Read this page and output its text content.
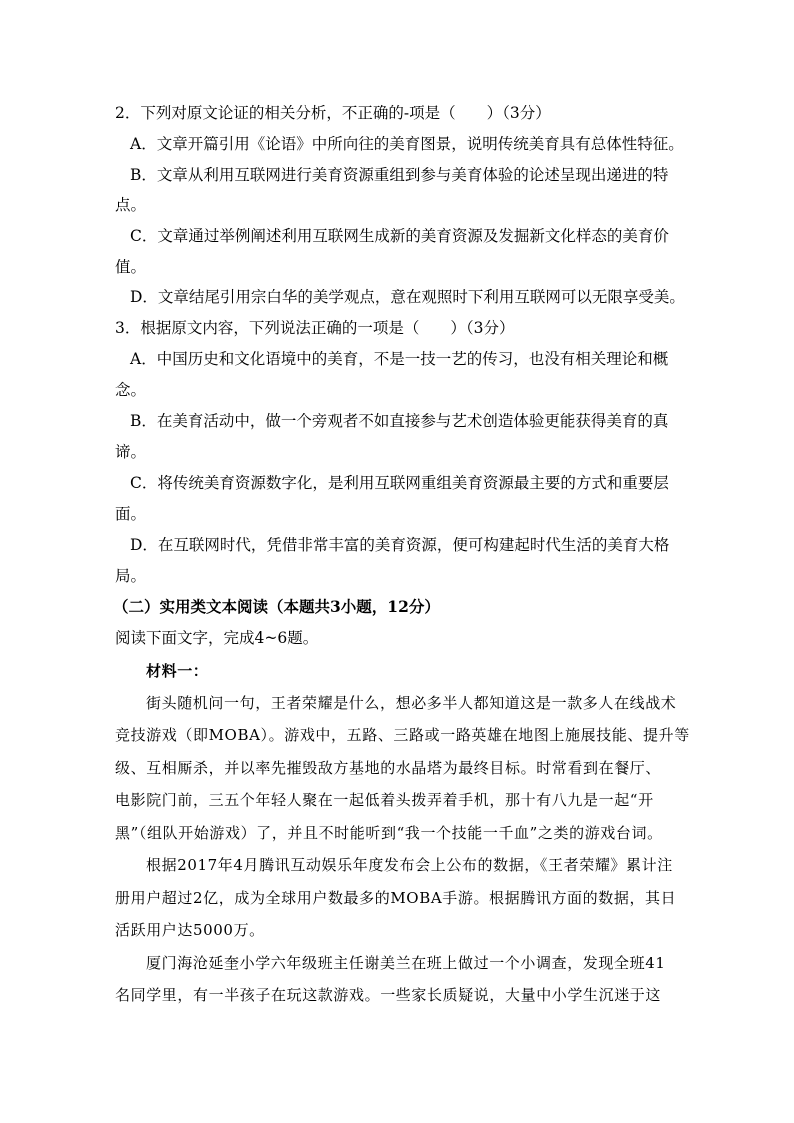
2．下列对原文论证的相关分析，不正确的-项是（　　）（3分）
A．文章开篇引用《论语》中所向往的美育图景，说明传统美育具有总体性特征。
B．文章从利用互联网进行美育资源重组到参与美育体验的论述呈现出递进的特
点。
C．文章通过举例阐述利用互联网生成新的美育资源及发掘新文化样态的美育价
值。
D．文章结尾引用宗白华的美学观点，意在观照时下利用互联网可以无限享受美。
3．根据原文内容，下列说法正确的一项是（　　）（3分）
A．中国历史和文化语境中的美育，不是一技一艺的传习，也没有相关理论和概
念。
B．在美育活动中，做一个旁观者不如直接参与艺术创造体验更能获得美育的真
谛。
C．将传统美育资源数字化，是利用互联网重组美育资源最主要的方式和重要层
面。
D．在互联网时代，凭借非常丰富的美育资源，便可构建起时代生活的美育大格
局。
（二）实用类文本阅读（本题共3小题，12分）
阅读下面文字，完成4~6题。
材料一：
街头随机问一句，王者荣耀是什么，想必多半人都知道这是一款多人在线战术
竞技游戏（即MOBA）。游戏中，五路、三路或一路英雄在地图上施展技能、提升等
级、互相厮杀，并以率先摧毁敌方基地的水晶塔为最终目标。时常看到在餐厅、
电影院门前，三五个年轻人聚在一起低着头拨弄着手机，那十有八九是一起“开
黑”（组队开始游戏）了，并且不时能听到“我一个技能一千血”之类的游戏台词。
根据2017年4月腾讯互动娱乐年度发布会上公布的数据，《王者荣耀》累计注
册用户超过2亿，成为全球用户数最多的MOBA手游。根据腾讯方面的数据，其日
活跃用户达5000万。
厦门海沧延奎小学六年级班主任谢美兰在班上做过一个小调查，发现全班41
名同学里，有一半孩子在玩这款游戏。一些家长质疑说，大量中小学生沉迷于这
